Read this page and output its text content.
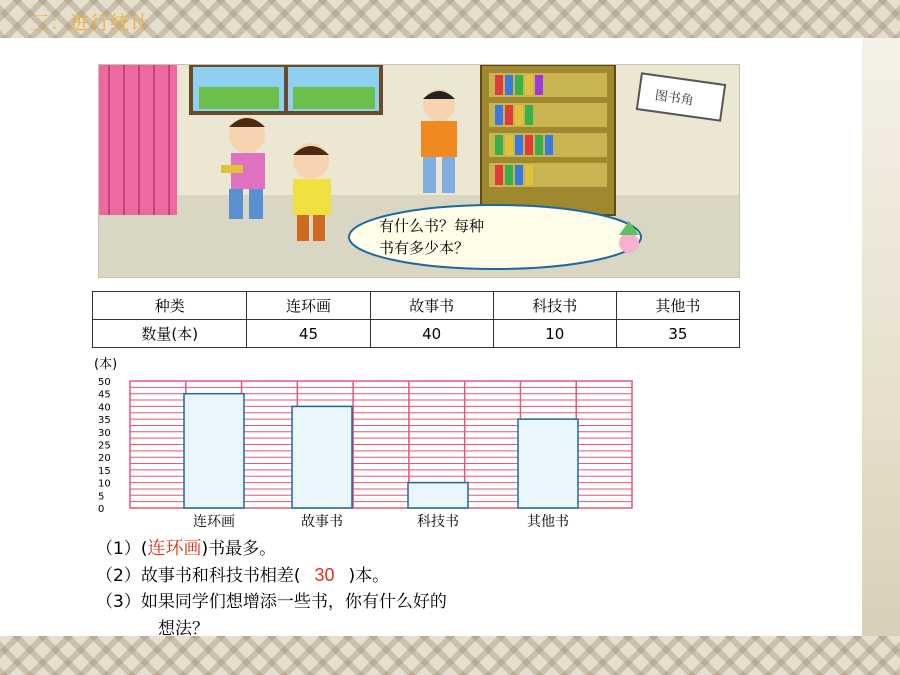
三：进行统计
图书角
有什么书？每种
书有多少本？
种类	连环画	故事书	科技书	其他书
数量(本)	45	40	10	35
(本)
0
5
10
15
20
25
30
35
40
45
50
连环画	故事书	科技书	其他书
（1）(连环画)书最多。
（2）故事书和科技书相差( 30 )本。
（3）如果同学们想增添一些书，你有什么好的
想法？
